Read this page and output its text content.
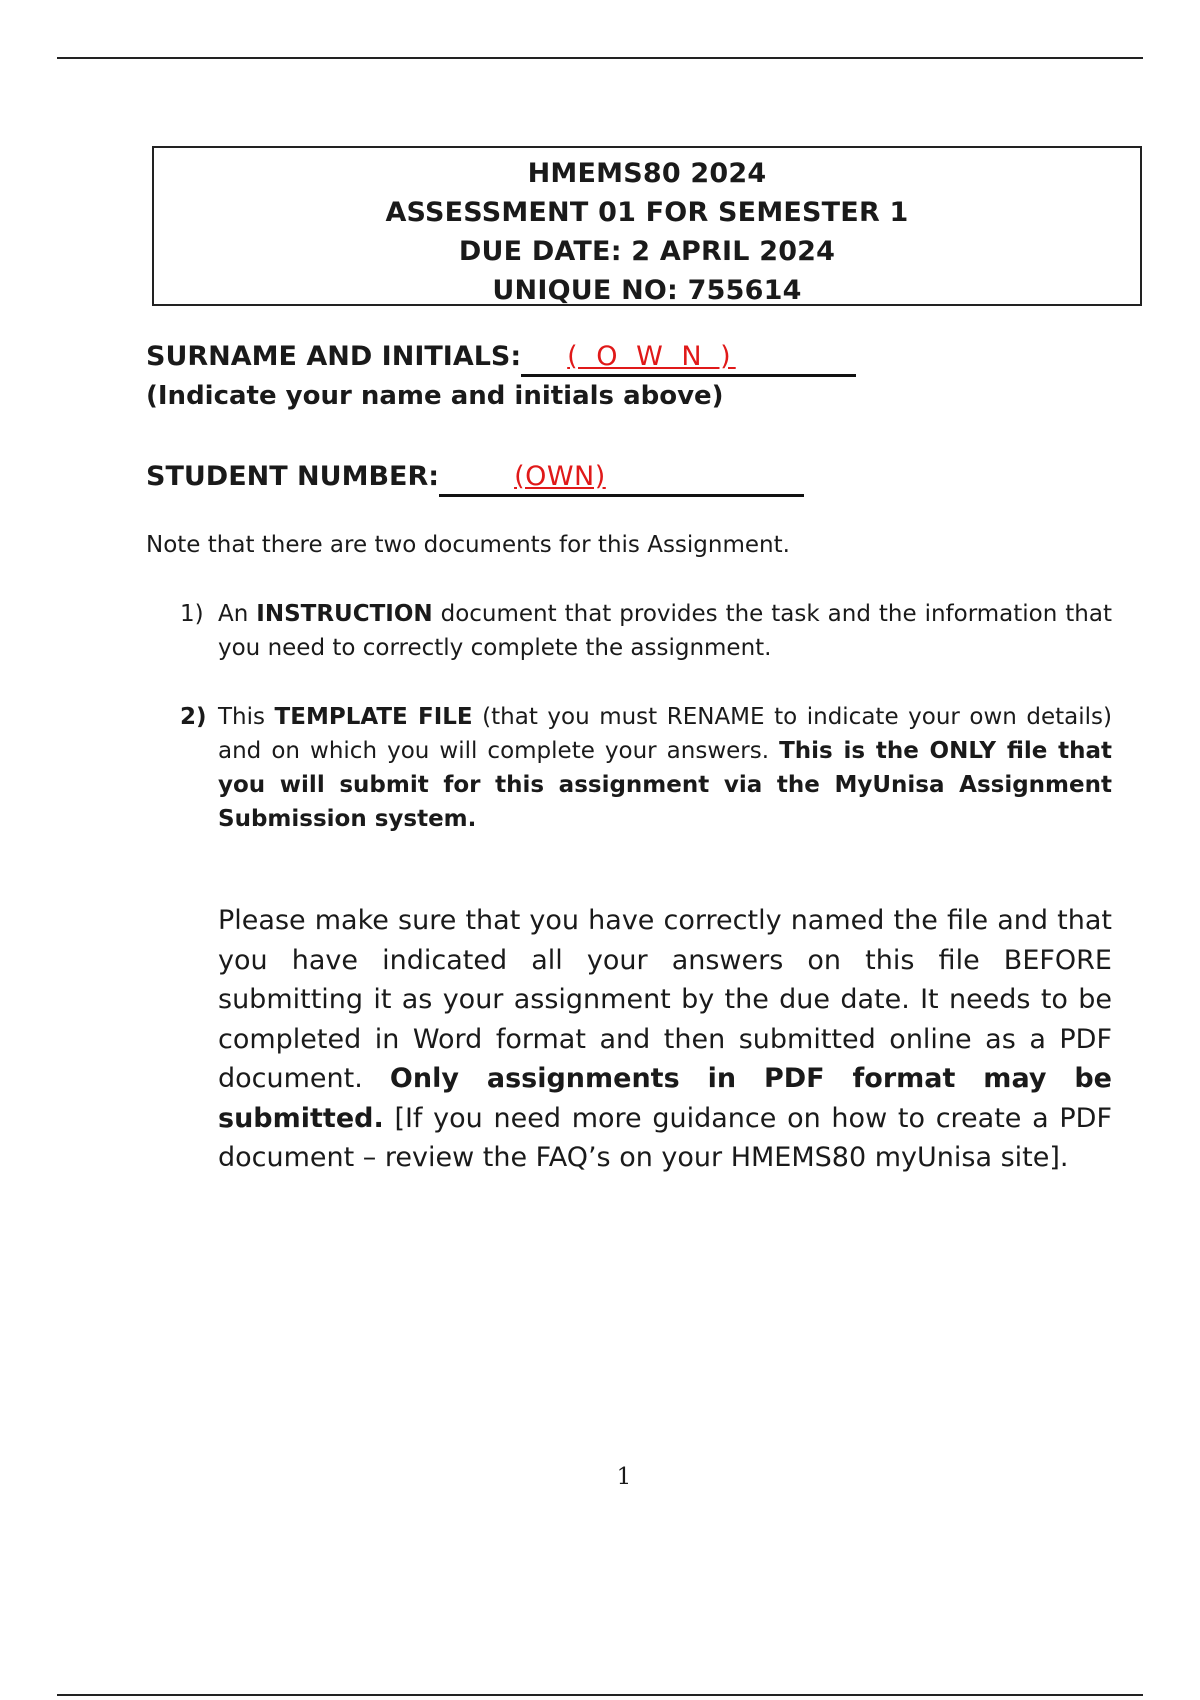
HMEMS80 2024
ASSESSMENT 01 FOR SEMESTER 1
DUE DATE: 2 APRIL 2024
UNIQUE NO: 755614
SURNAME AND INITIALS: ( O W N )
(Indicate your name and initials above)
STUDENT NUMBER:	(OWN)
Note that there are two documents for this Assignment.
1) An INSTRUCTION document that provides the task and the information that you need to correctly complete the assignment.
2) This TEMPLATE FILE (that you must RENAME to indicate your own details) and on which you will complete your answers. This is the ONLY file that you will submit for this assignment via the MyUnisa Assignment Submission system.
Please make sure that you have correctly named the file and that you have indicated all your answers on this file BEFORE submitting it as your assignment by the due date. It needs to be completed in Word format and then submitted online as a PDF document. Only assignments in PDF format may be submitted. [If you need more guidance on how to create a PDF document – review the FAQ’s on your HMEMS80 myUnisa site].
1
